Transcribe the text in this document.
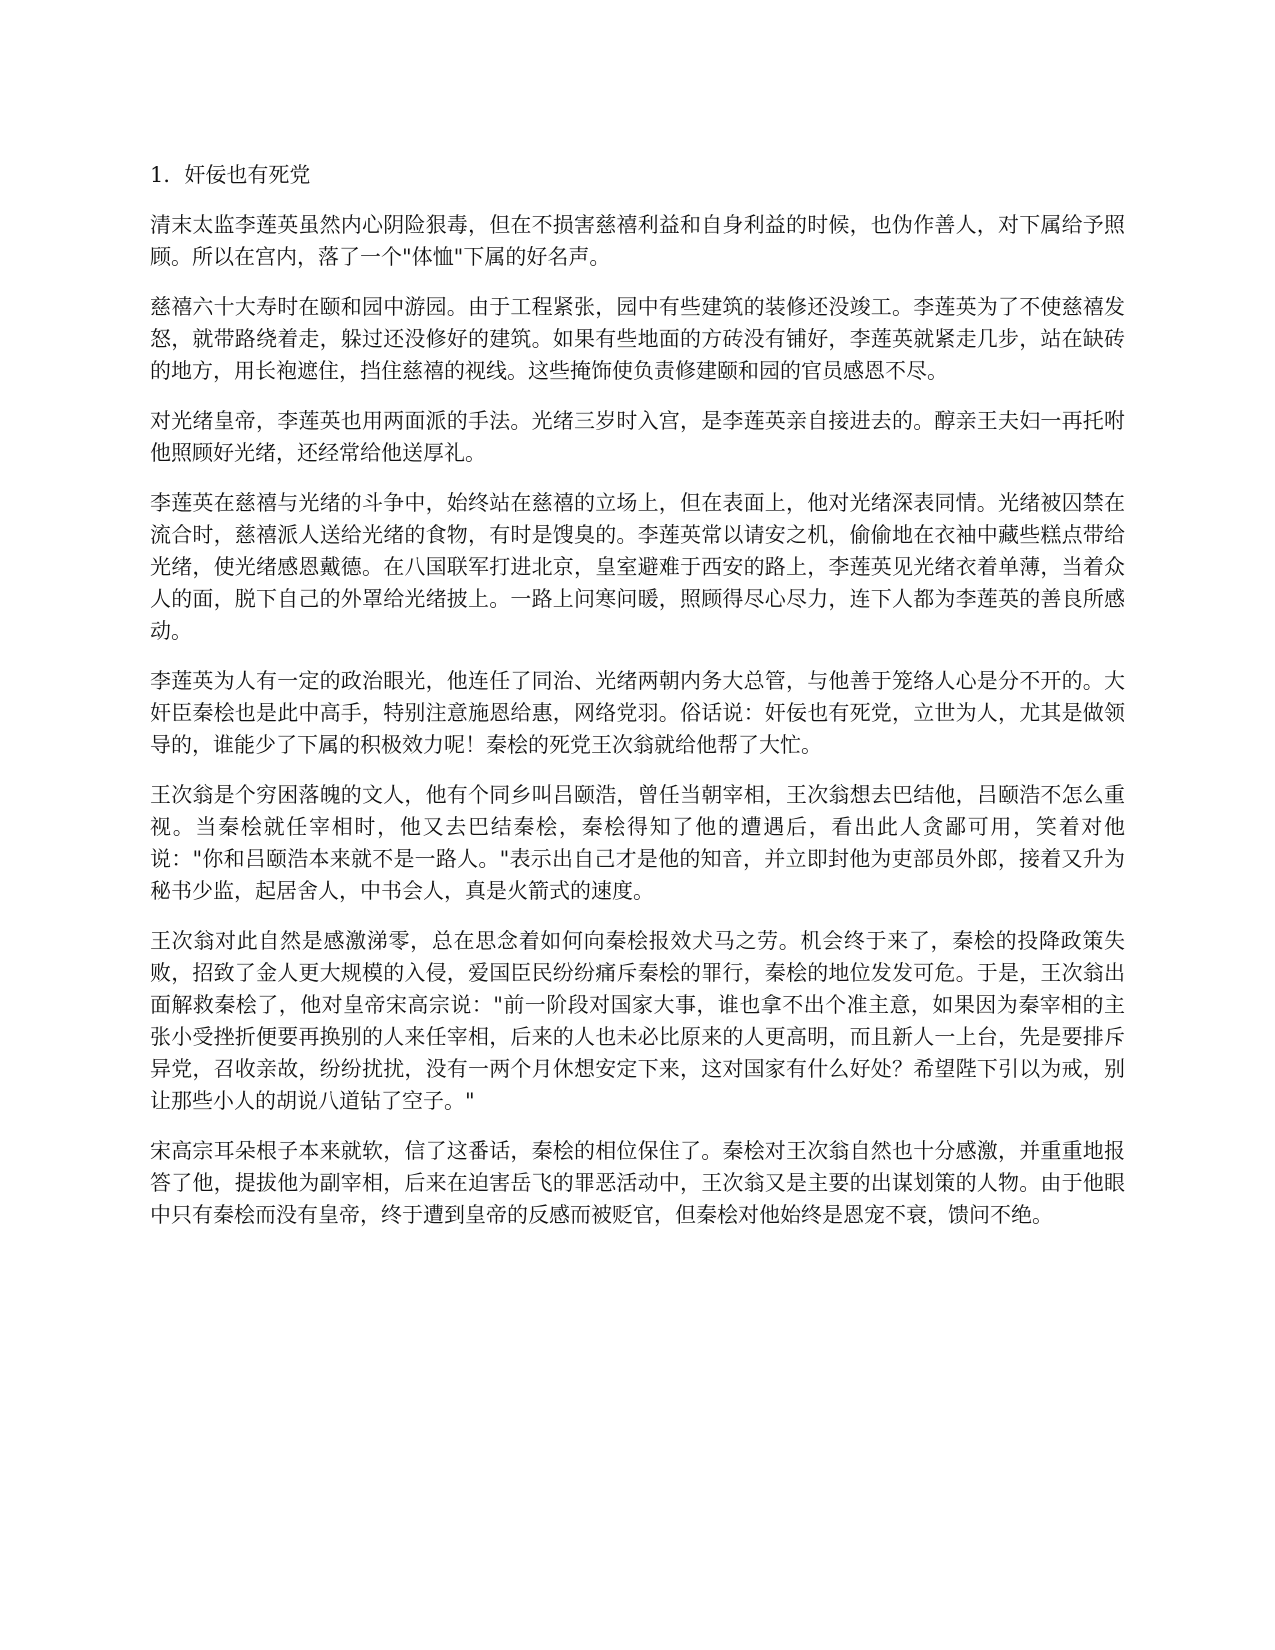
1．奸佞也有死党

清末太监李莲英虽然内心阴险狠毒，但在不损害慈禧利益和自身利益的时候，也伪作善人，对下属给予照顾。所以在宫内，落了一个"体恤"下属的好名声。

慈禧六十大寿时在颐和园中游园。由于工程紧张，园中有些建筑的装修还没竣工。李莲英为了不使慈禧发怒，就带路绕着走，躲过还没修好的建筑。如果有些地面的方砖没有铺好，李莲英就紧走几步，站在缺砖的地方，用长袍遮住，挡住慈禧的视线。这些掩饰使负责修建颐和园的官员感恩不尽。

对光绪皇帝，李莲英也用两面派的手法。光绪三岁时入宫，是李莲英亲自接进去的。醇亲王夫妇一再托咐他照顾好光绪，还经常给他送厚礼。

李莲英在慈禧与光绪的斗争中，始终站在慈禧的立场上，但在表面上，他对光绪深表同情。光绪被囚禁在流合时，慈禧派人送给光绪的食物，有时是馊臭的。李莲英常以请安之机，偷偷地在衣袖中藏些糕点带给光绪，使光绪感恩戴德。在八国联军打进北京，皇室避难于西安的路上，李莲英见光绪衣着单薄，当着众人的面，脱下自己的外罩给光绪披上。一路上问寒问暖，照顾得尽心尽力，连下人都为李莲英的善良所感动。

李莲英为人有一定的政治眼光，他连任了同治、光绪两朝内务大总管，与他善于笼络人心是分不开的。大奸臣秦桧也是此中高手，特别注意施恩给惠，网络党羽。俗话说：奸佞也有死党，立世为人，尤其是做领导的，谁能少了下属的积极效力呢！秦桧的死党王次翁就给他帮了大忙。

王次翁是个穷困落魄的文人，他有个同乡叫吕颐浩，曾任当朝宰相，王次翁想去巴结他，吕颐浩不怎么重视。当秦桧就任宰相时，他又去巴结秦桧，秦桧得知了他的遭遇后，看出此人贪鄙可用，笑着对他说："你和吕颐浩本来就不是一路人。"表示出自己才是他的知音，并立即封他为吏部员外郎，接着又升为秘书少监，起居舍人，中书会人，真是火箭式的速度。

王次翁对此自然是感激涕零，总在思念着如何向秦桧报效犬马之劳。机会终于来了，秦桧的投降政策失败，招致了金人更大规模的入侵，爱国臣民纷纷痛斥秦桧的罪行，秦桧的地位发发可危。于是，王次翁出面解救秦桧了，他对皇帝宋高宗说："前一阶段对国家大事，谁也拿不出个准主意，如果因为秦宰相的主张小受挫折便要再换别的人来任宰相，后来的人也未必比原来的人更高明，而且新人一上台，先是要排斥异党，召收亲故，纷纷扰扰，没有一两个月休想安定下来，这对国家有什么好处？希望陛下引以为戒，别让那些小人的胡说八道钻了空子。"

宋高宗耳朵根子本来就软，信了这番话，秦桧的相位保住了。秦桧对王次翁自然也十分感激，并重重地报答了他，提拔他为副宰相，后来在迫害岳飞的罪恶活动中，王次翁又是主要的出谋划策的人物。由于他眼中只有秦桧而没有皇帝，终于遭到皇帝的反感而被贬官，但秦桧对他始终是恩宠不衰，馈问不绝。
